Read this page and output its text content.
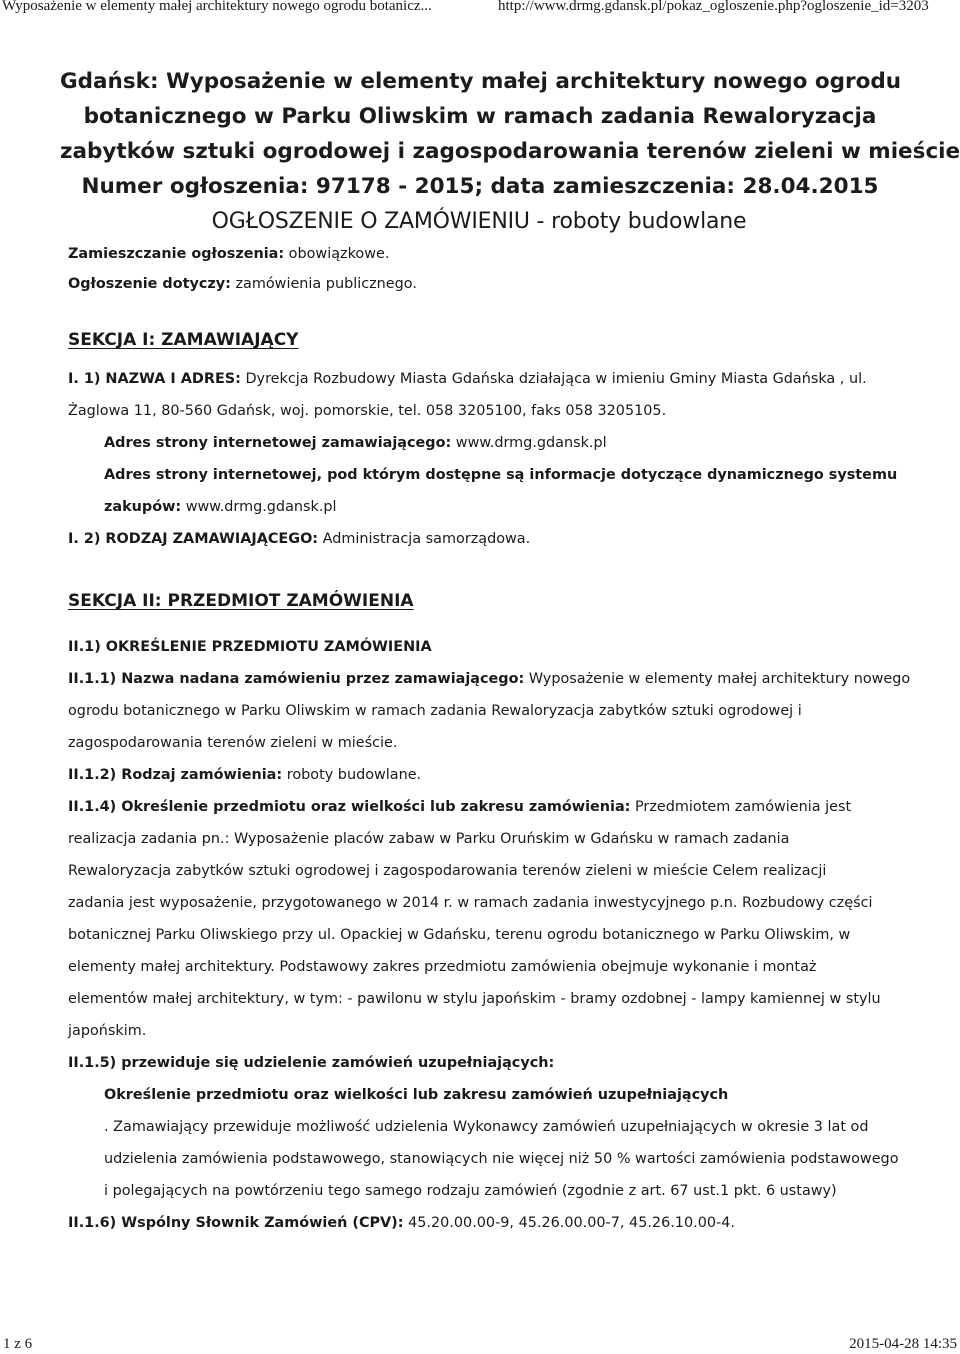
Wyposażenie w elementy małej architektury nowego ogrodu botanicz...	http://www.drmg.gdansk.pl/pokaz_ogloszenie.php?ogloszenie_id=3203
Gdańsk: Wyposażenie w elementy małej architektury nowego ogrodu
botanicznego w Parku Oliwskim w ramach zadania Rewaloryzacja
zabytków sztuki ogrodowej i zagospodarowania terenów zieleni w mieście
Numer ogłoszenia: 97178 - 2015; data zamieszczenia: 28.04.2015
OGŁOSZENIE O ZAMÓWIENIU - roboty budowlane
Zamieszczanie ogłoszenia: obowiązkowe.
Ogłoszenie dotyczy: zamówienia publicznego.
SEKCJA I: ZAMAWIAJĄCY
I. 1) NAZWA I ADRES: Dyrekcja Rozbudowy Miasta Gdańska działająca w imieniu Gminy Miasta Gdańska , ul.
Żaglowa 11, 80-560 Gdańsk, woj. pomorskie, tel. 058 3205100, faks 058 3205105.
Adres strony internetowej zamawiającego: www.drmg.gdansk.pl
Adres strony internetowej, pod którym dostępne są informacje dotyczące dynamicznego systemu
zakupów: www.drmg.gdansk.pl
I. 2) RODZAJ ZAMAWIAJĄCEGO: Administracja samorządowa.
SEKCJA II: PRZEDMIOT ZAMÓWIENIA
II.1) OKREŚLENIE PRZEDMIOTU ZAMÓWIENIA
II.1.1) Nazwa nadana zamówieniu przez zamawiającego: Wyposażenie w elementy małej architektury nowego
ogrodu botanicznego w Parku Oliwskim w ramach zadania Rewaloryzacja zabytków sztuki ogrodowej i
zagospodarowania terenów zieleni w mieście.
II.1.2) Rodzaj zamówienia: roboty budowlane.
II.1.4) Określenie przedmiotu oraz wielkości lub zakresu zamówienia: Przedmiotem zamówienia jest
realizacja zadania pn.: Wyposażenie placów zabaw w Parku Oruńskim w Gdańsku w ramach zadania
Rewaloryzacja zabytków sztuki ogrodowej i zagospodarowania terenów zieleni w mieście Celem realizacji
zadania jest wyposażenie, przygotowanego w 2014 r. w ramach zadania inwestycyjnego p.n. Rozbudowy części
botanicznej Parku Oliwskiego przy ul. Opackiej w Gdańsku, terenu ogrodu botanicznego w Parku Oliwskim, w
elementy małej architektury. Podstawowy zakres przedmiotu zamówienia obejmuje wykonanie i montaż
elementów małej architektury, w tym: - pawilonu w stylu japońskim - bramy ozdobnej - lampy kamiennej w stylu
japońskim.
II.1.5) przewiduje się udzielenie zamówień uzupełniających:
Określenie przedmiotu oraz wielkości lub zakresu zamówień uzupełniających
. Zamawiający przewiduje możliwość udzielenia Wykonawcy zamówień uzupełniających w okresie 3 lat od
udzielenia zamówienia podstawowego, stanowiących nie więcej niż 50 % wartości zamówienia podstawowego
i polegających na powtórzeniu tego samego rodzaju zamówień (zgodnie z art. 67 ust.1 pkt. 6 ustawy)
II.1.6) Wspólny Słownik Zamówień (CPV): 45.20.00.00-9, 45.26.00.00-7, 45.26.10.00-4.
1 z 6	2015-04-28 14:35
